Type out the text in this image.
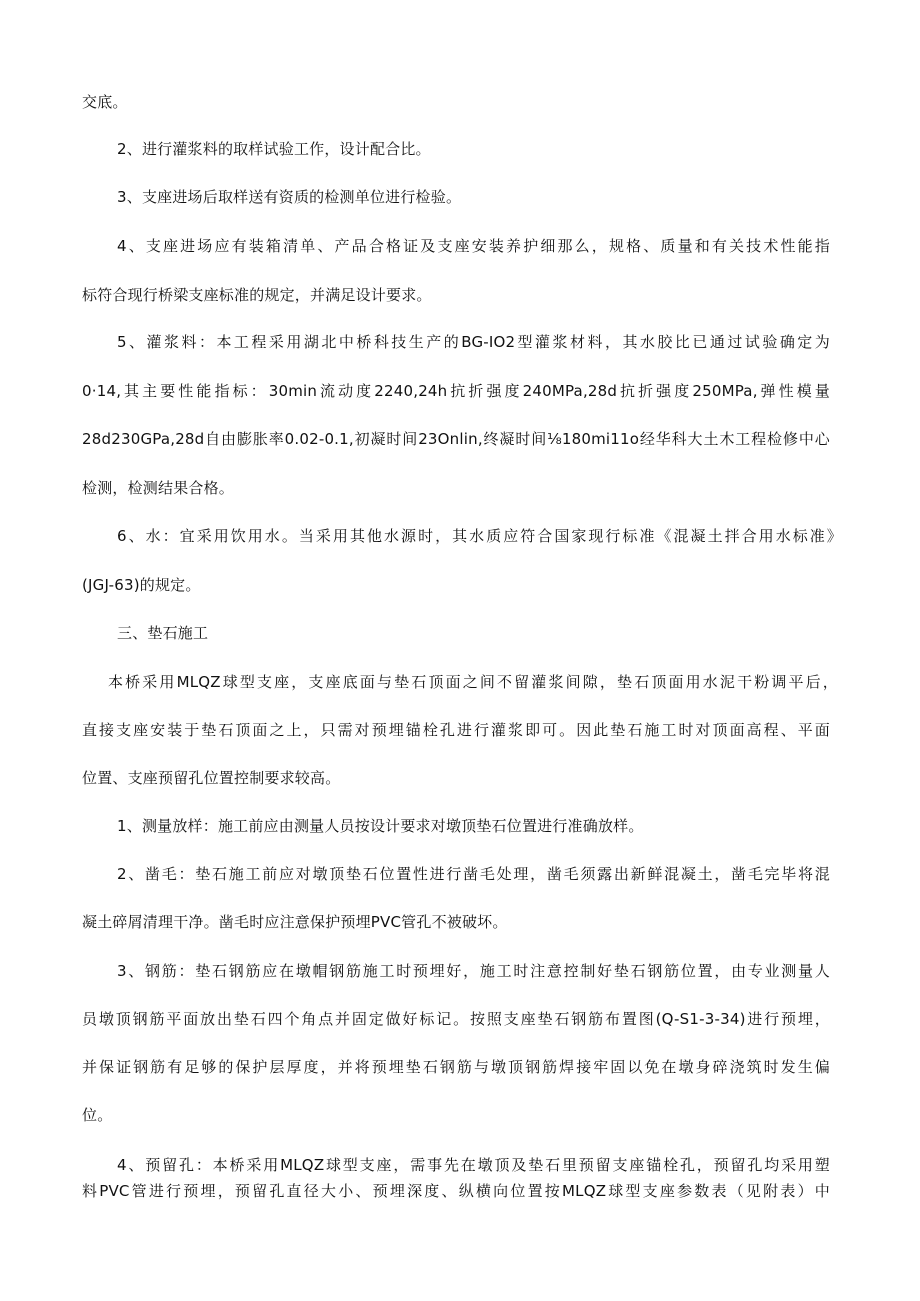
交底。
2、进行灌浆料的取样试验工作，设计配合比。
3、支座进场后取样送有资质的检测单位进行检验。
4、支座进场应有装箱清单、产品合格证及支座安装养护细那么，规格、质量和有关技术性能指
标符合现行桥梁支座标准的规定，并满足设计要求。
5、灌浆料：本工程采用湖北中桥科技生产的BG-IO2型灌浆材料，其水胶比已通过试验确定为
0·14,其主要性能指标：30min流动度2240,24h抗折强度240MPa,28d抗折强度250MPa,弹性模量
28d230GPa,28d自由膨胀率0.02-0.1,初凝时间23Onlin,终凝时间⅛180mi11o经华科大土木工程检修中心
检测，检测结果合格。
6、水：宜采用饮用水。当采用其他水源时，其水质应符合国家现行标准《混凝土拌合用水标准》
(JGJ-63)的规定。
三、垫石施工
本桥采用MLQZ球型支座，支座底面与垫石顶面之间不留灌浆间隙，垫石顶面用水泥干粉调平后，
直接支座安装于垫石顶面之上，只需对预埋锚栓孔进行灌浆即可。因此垫石施工时对顶面高程、平面
位置、支座预留孔位置控制要求较高。
1、测量放样：施工前应由测量人员按设计要求对墩顶垫石位置进行准确放样。
2、凿毛：垫石施工前应对墩顶垫石位置性进行凿毛处理，凿毛须露出新鲜混凝土，凿毛完毕将混
凝土碎屑清理干净。凿毛时应注意保护预埋PVC管孔不被破坏。
3、钢筋：垫石钢筋应在墩帽钢筋施工时预埋好，施工时注意控制好垫石钢筋位置，由专业测量人
员墩顶钢筋平面放出垫石四个角点并固定做好标记。按照支座垫石钢筋布置图(Q-S1-3-34)进行预埋，
并保证钢筋有足够的保护层厚度，并将预埋垫石钢筋与墩顶钢筋焊接牢固以免在墩身碎浇筑时发生偏
位。
4、预留孔：本桥采用MLQZ球型支座，需事先在墩顶及垫石里预留支座锚栓孔，预留孔均采用塑
料PVC管进行预埋，预留孔直径大小、预埋深度、纵横向位置按MLQZ球型支座参数表（见附表）中
